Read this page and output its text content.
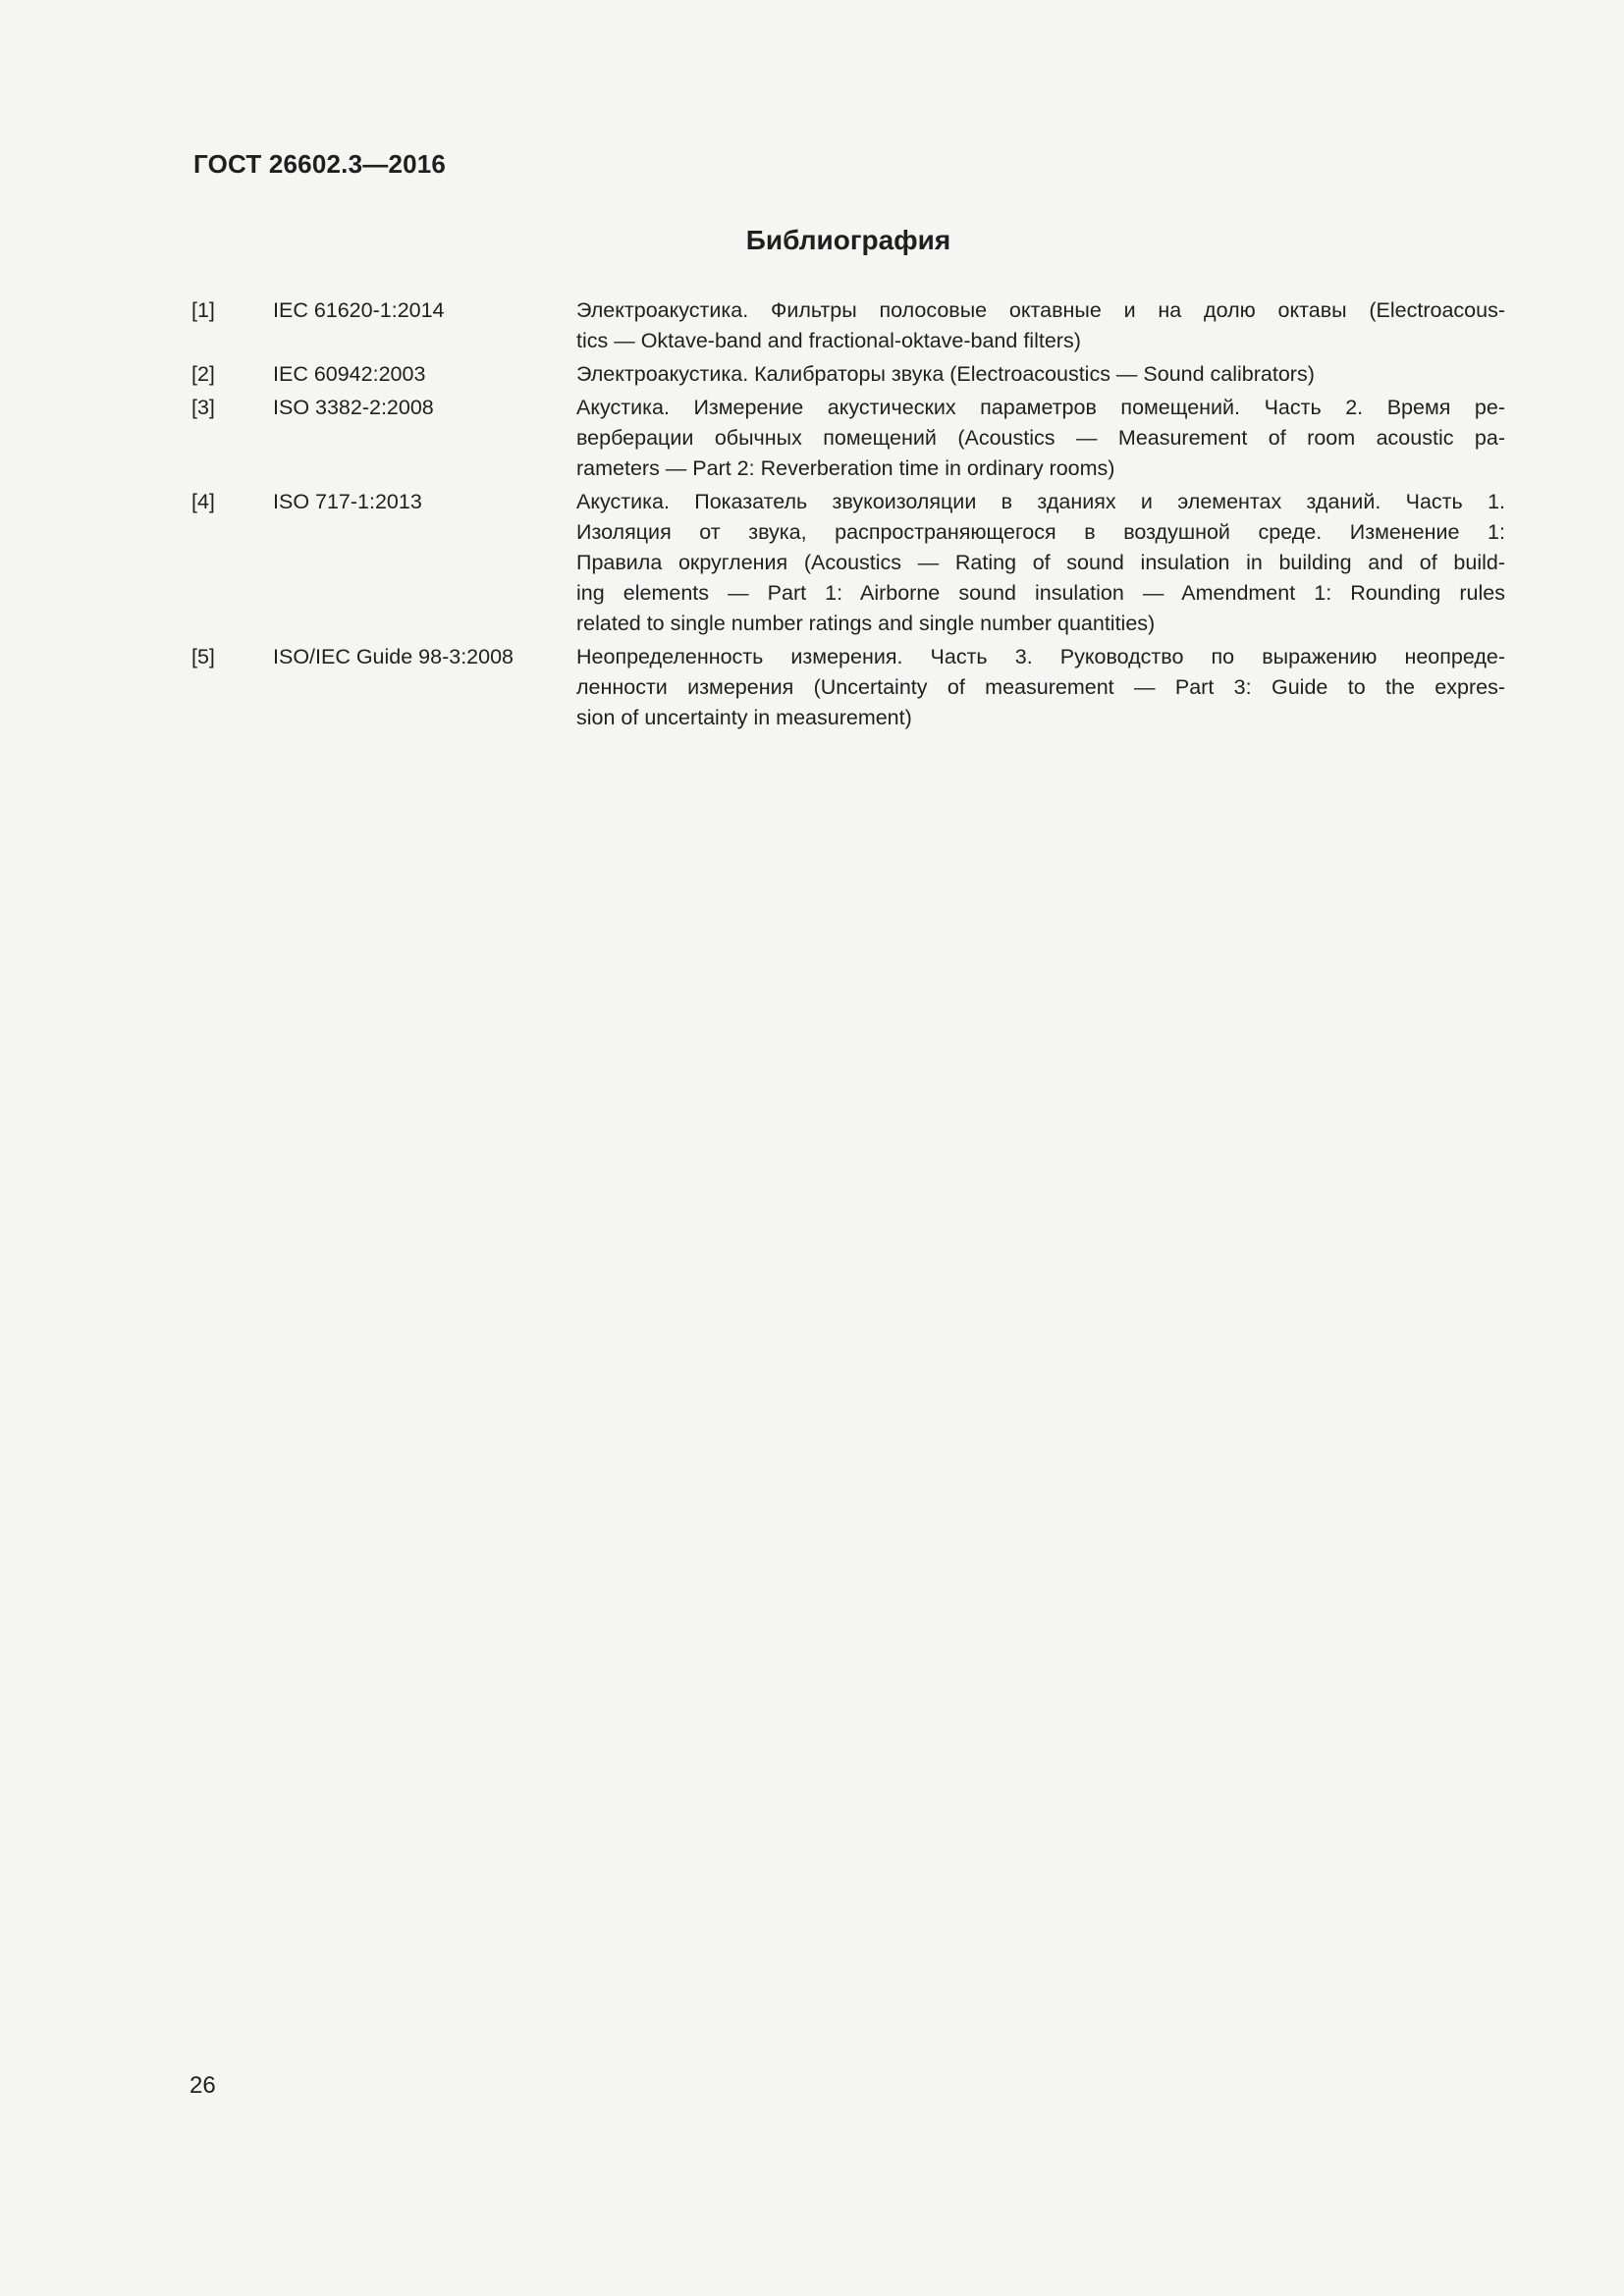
ГОСТ 26602.3—2016
Библиография
[1]	IEC 61620-1:2014	Электроакустика. Фильтры полосовые октавные и на долю октавы (Electroacous-
tics — Oktave-band and fractional-oktave-band filters)
[2]	IEC 60942:2003	Электроакустика. Калибраторы звука (Electroacoustics — Sound calibrators)
[3]	ISO 3382-2:2008	Акустика. Измерение акустических параметров помещений. Часть 2. Время ре-
верберации обычных помещений (Acoustics — Measurement of room acoustic pa-
rameters — Part 2: Reverberation time in ordinary rooms)
[4]	ISO 717-1:2013	Акустика. Показатель звукоизоляции в зданиях и элементах зданий. Часть 1.
Изоляция от звука, распространяющегося в воздушной среде. Изменение 1:
Правила округления (Acoustics — Rating of sound insulation in building and of build-
ing elements — Part 1: Airborne sound insulation — Amendment 1: Rounding rules
related to single number ratings and single number quantities)
[5]	ISO/IEC Guide 98-3:2008	Неопределенность измерения. Часть 3. Руководство по выражению неопреде-
ленности измерения (Uncertainty of measurement — Part 3: Guide to the expres-
sion of uncertainty in measurement)
26
